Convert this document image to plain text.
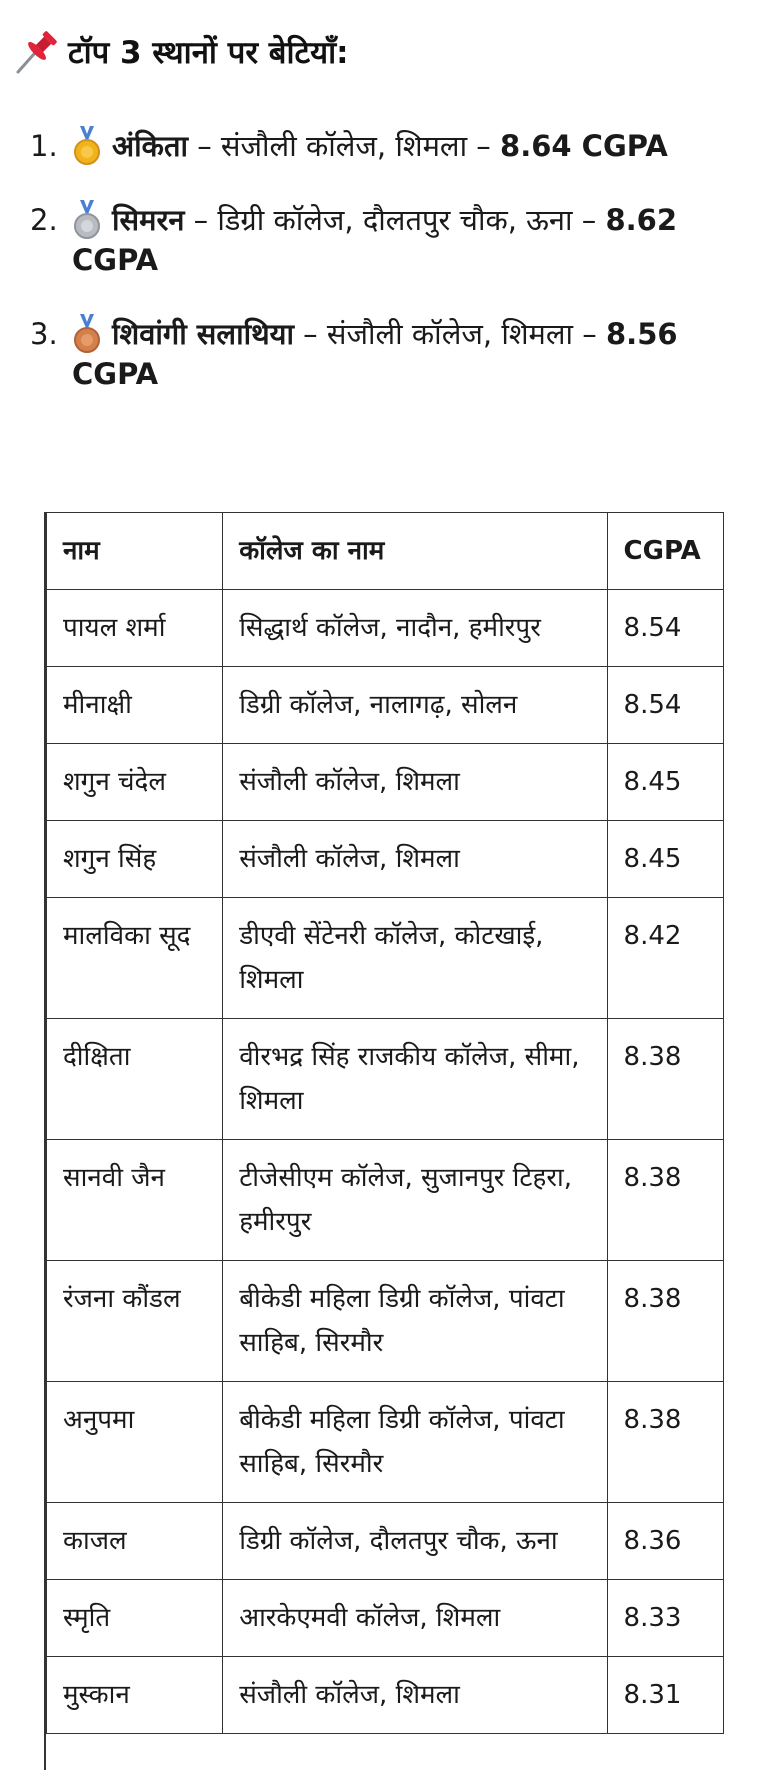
टॉप 3 स्थानों पर बेटियाँ:
1. अंकिता – संजौली कॉलेज, शिमला – 8.64 CGPA
2. सिमरन – डिग्री कॉलेज, दौलतपुर चौक, ऊना – 8.62 CGPA
3. शिवांगी सलाथिया – संजौली कॉलेज, शिमला – 8.56 CGPA
नाम	कॉलेज का नाम	CGPA
पायल शर्मा	सिद्धार्थ कॉलेज, नादौन, हमीरपुर	8.54
मीनाक्षी	डिग्री कॉलेज, नालागढ़, सोलन	8.54
शगुन चंदेल	संजौली कॉलेज, शिमला	8.45
शगुन सिंह	संजौली कॉलेज, शिमला	8.45
मालविका सूद	डीएवी सेंटेनरी कॉलेज, कोटखाई, शिमला	8.42
दीक्षिता	वीरभद्र सिंह राजकीय कॉलेज, सीमा, शिमला	8.38
सानवी जैन	टीजेसीएम कॉलेज, सुजानपुर टिहरा, हमीरपुर	8.38
रंजना कौंडल	बीकेडी महिला डिग्री कॉलेज, पांवटा साहिब, सिरमौर	8.38
अनुपमा	बीकेडी महिला डिग्री कॉलेज, पांवटा साहिब, सिरमौर	8.38
काजल	डिग्री कॉलेज, दौलतपुर चौक, ऊना	8.36
स्मृति	आरकेएमवी कॉलेज, शिमला	8.33
मुस्कान	संजौली कॉलेज, शिमला	8.31
